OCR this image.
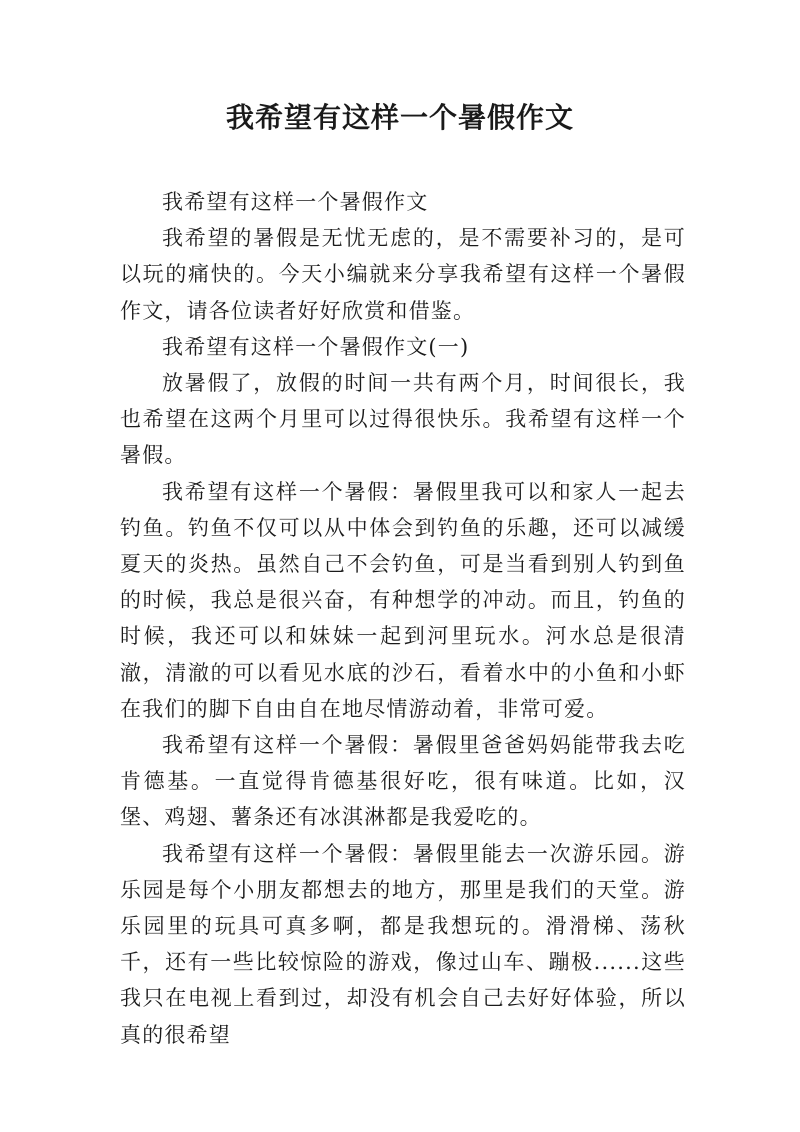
我希望有这样一个暑假作文

我希望有这样一个暑假作文

我希望的暑假是无忧无虑的，是不需要补习的，是可以玩的痛快的。今天小编就来分享我希望有这样一个暑假作文，请各位读者好好欣赏和借鉴。

我希望有这样一个暑假作文(一)

放暑假了，放假的时间一共有两个月，时间很长，我也希望在这两个月里可以过得很快乐。我希望有这样一个暑假。

我希望有这样一个暑假：暑假里我可以和家人一起去钓鱼。钓鱼不仅可以从中体会到钓鱼的乐趣，还可以减缓夏天的炎热。虽然自己不会钓鱼，可是当看到别人钓到鱼的时候，我总是很兴奋，有种想学的冲动。而且，钓鱼的时候，我还可以和妹妹一起到河里玩水。河水总是很清澈，清澈的可以看见水底的沙石，看着水中的小鱼和小虾在我们的脚下自由自在地尽情游动着，非常可爱。

我希望有这样一个暑假：暑假里爸爸妈妈能带我去吃肯德基。一直觉得肯德基很好吃，很有味道。比如，汉堡、鸡翅、薯条还有冰淇淋都是我爱吃的。

我希望有这样一个暑假：暑假里能去一次游乐园。游乐园是每个小朋友都想去的地方，那里是我们的天堂。游乐园里的玩具可真多啊，都是我想玩的。滑滑梯、荡秋千，还有一些比较惊险的游戏，像过山车、蹦极......这些我只在电视上看到过，却没有机会自己去好好体验，所以真的很希望
